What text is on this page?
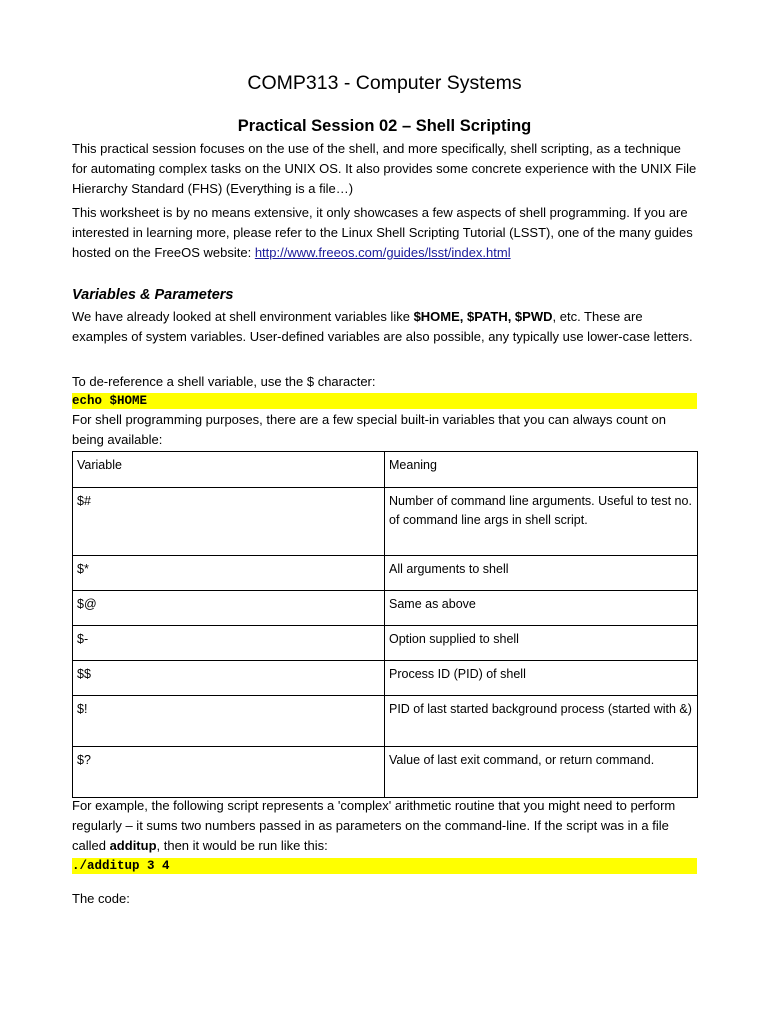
COMP313 - Computer Systems
Practical Session 02 – Shell Scripting

This practical session focuses on the use of the shell, and more specifically, shell scripting, as a technique for automating complex tasks on the UNIX OS. It also provides some concrete experience with the UNIX File Hierarchy Standard (FHS) (Everything is a file…)

This worksheet is by no means extensive, it only showcases a few aspects of shell programming. If you are interested in learning more, please refer to the Linux Shell Scripting Tutorial (LSST), one of the many guides hosted on the FreeOS website: http://www.freeos.com/guides/lsst/index.html

Variables & Parameters

We have already looked at shell environment variables like $HOME, $PATH, $PWD, etc. These are examples of system variables. User-defined variables are also possible, any typically use lower-case letters.

To de-reference a shell variable, use the $ character:

echo $HOME

For shell programming purposes, there are a few special built-in variables that you can always count on being available:

Variable	Meaning
$#	Number of command line arguments. Useful to test no. of command line args in shell script.
$*	All arguments to shell
$@	Same as above
$-	Option supplied to shell
$$	Process ID (PID) of shell
$!	PID of last started background process (started with &)
$?	Value of last exit command, or return command.

For example, the following script represents a 'complex' arithmetic routine that you might need to perform regularly – it sums two numbers passed in as parameters on the command-line. If the script was in a file called additup, then it would be run like this:

./additup 3 4

The code:
